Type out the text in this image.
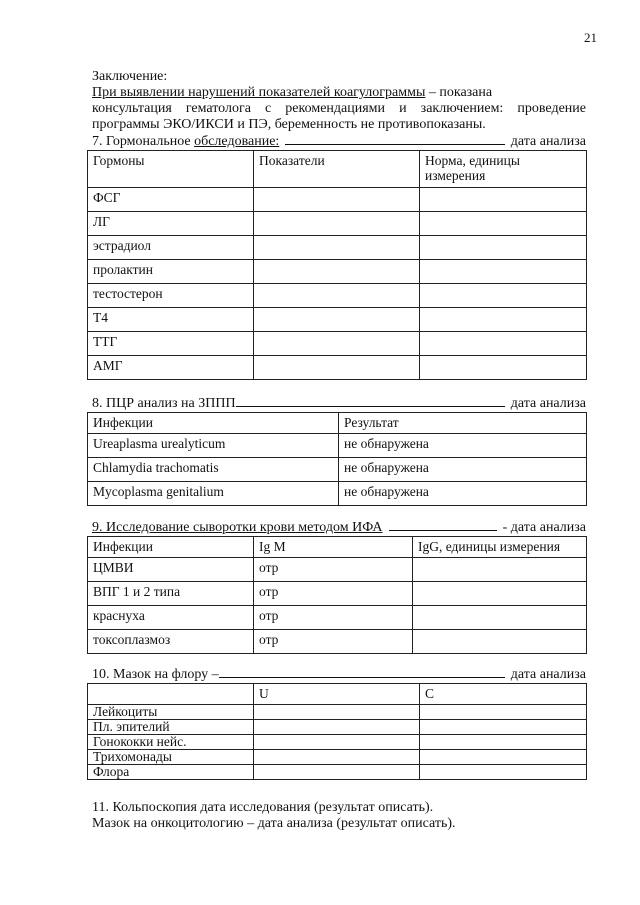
21
Заключение:
При выявлении нарушений показателей коагулограммы – показана
консультация гематолога с рекомендациями и заключением: проведение программы ЭКО/ИКСИ и ПЭ, беременность не противопоказаны.
7. Гормональное обследование:	дата анализа
Гормоны	Показатели	Норма, единицы измерения
ФСГ		
ЛГ		
эстрадиол		
пролактин		
тестостерон		
Т4		
ТТГ		
АМГ		
8. ПЦР анализ на ЗППП	дата анализа
Инфекции	Результат
Ureaplasma urealyticum	не обнаружена
Chlamydia trachomatis	не обнаружена
Mycoplasma genitalium	не обнаружена
9. Исследование сыворотки крови методом ИФА	- дата анализа
Инфекции	Ig M	IgG, единицы измерения
ЦМВИ	отр	
ВПГ 1 и 2 типа	отр	
краснуха	отр	
токсоплазмоз	отр	
10. Мазок на флору –	дата анализа
	U	C
Лейкоциты		
Пл. эпителий		
Гонококки нейс.		
Трихомонады		
Флора		
11. Кольпоскопия дата исследования (результат описать).
Мазок на онкоцитологию – дата анализа (результат описать).
